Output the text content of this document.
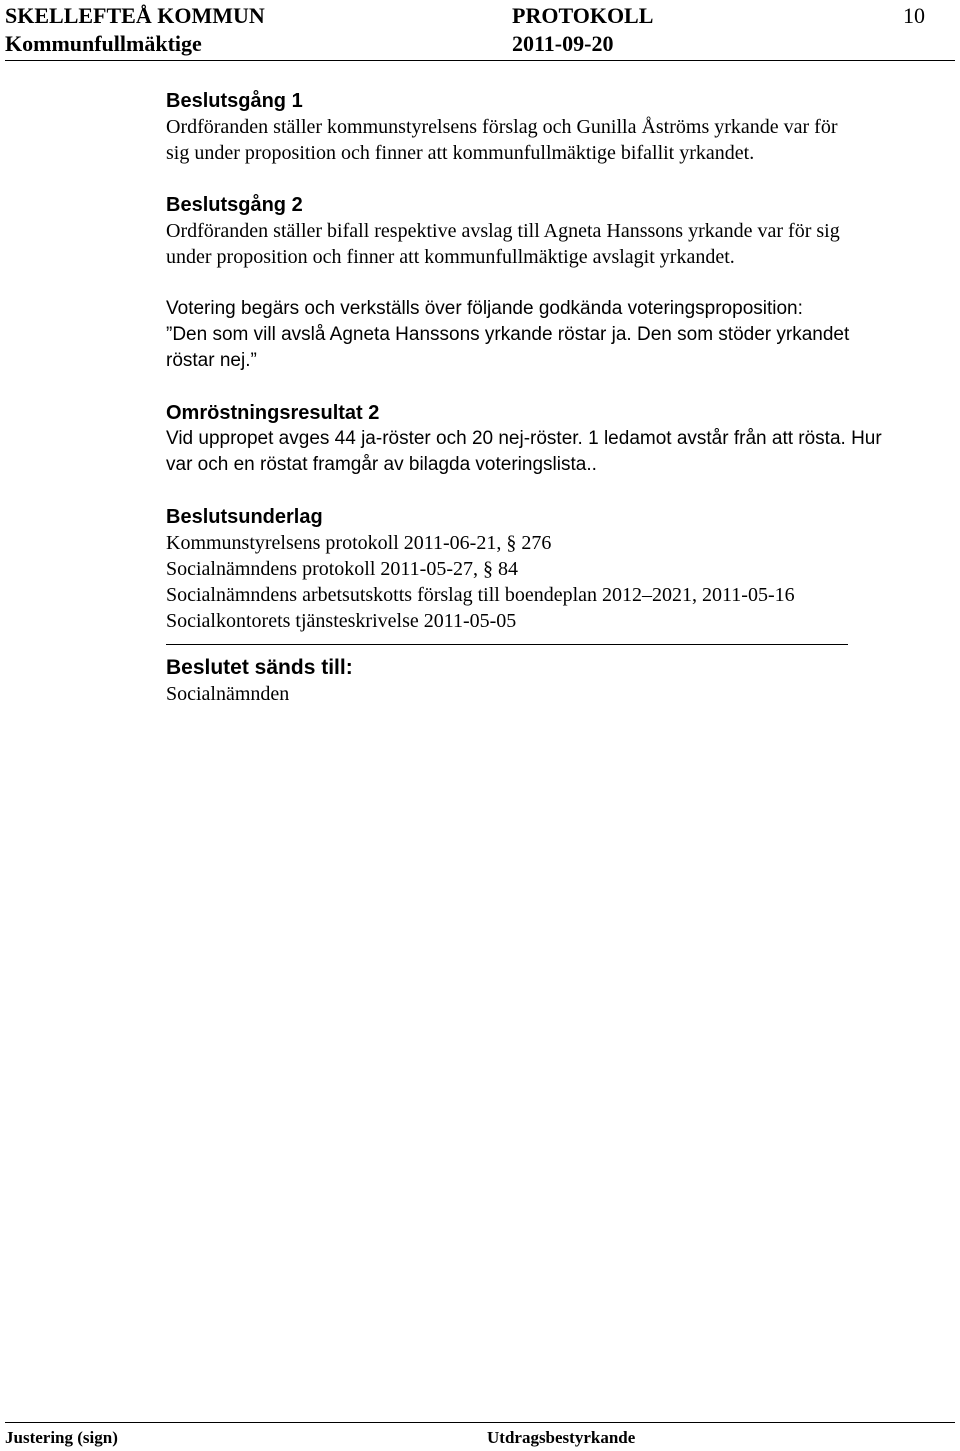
SKELLEFTEÅ KOMMUN
Kommunfullmäktige
PROTOKOLL
2011-09-20
10
Beslutsgång 1
Ordföranden ställer kommunstyrelsens förslag och Gunilla Åströms yrkande var för
sig under proposition och finner att kommunfullmäktige bifallit yrkandet.
Beslutsgång 2
Ordföranden ställer bifall respektive avslag till Agneta Hanssons yrkande var för sig
under proposition och finner att kommunfullmäktige avslagit yrkandet.
Votering begärs och verkställs över följande godkända voteringsproposition:
”Den som vill avslå Agneta Hanssons yrkande röstar ja. Den som stöder yrkandet
röstar nej.”
Omröstningsresultat 2
Vid uppropet avges 44 ja-röster och 20 nej-röster. 1 ledamot avstår från att rösta. Hur
var och en röstat framgår av bilagda voteringslista..
Beslutsunderlag
Kommunstyrelsens protokoll 2011-06-21, § 276
Socialnämndens protokoll 2011-05-27, § 84
Socialnämndens arbetsutskotts förslag till boendeplan 2012–2021, 2011-05-16
Socialkontorets tjänsteskrivelse 2011-05-05
Beslutet sänds till:
Socialnämnden
Justering (sign)	Utdragsbestyrkande
